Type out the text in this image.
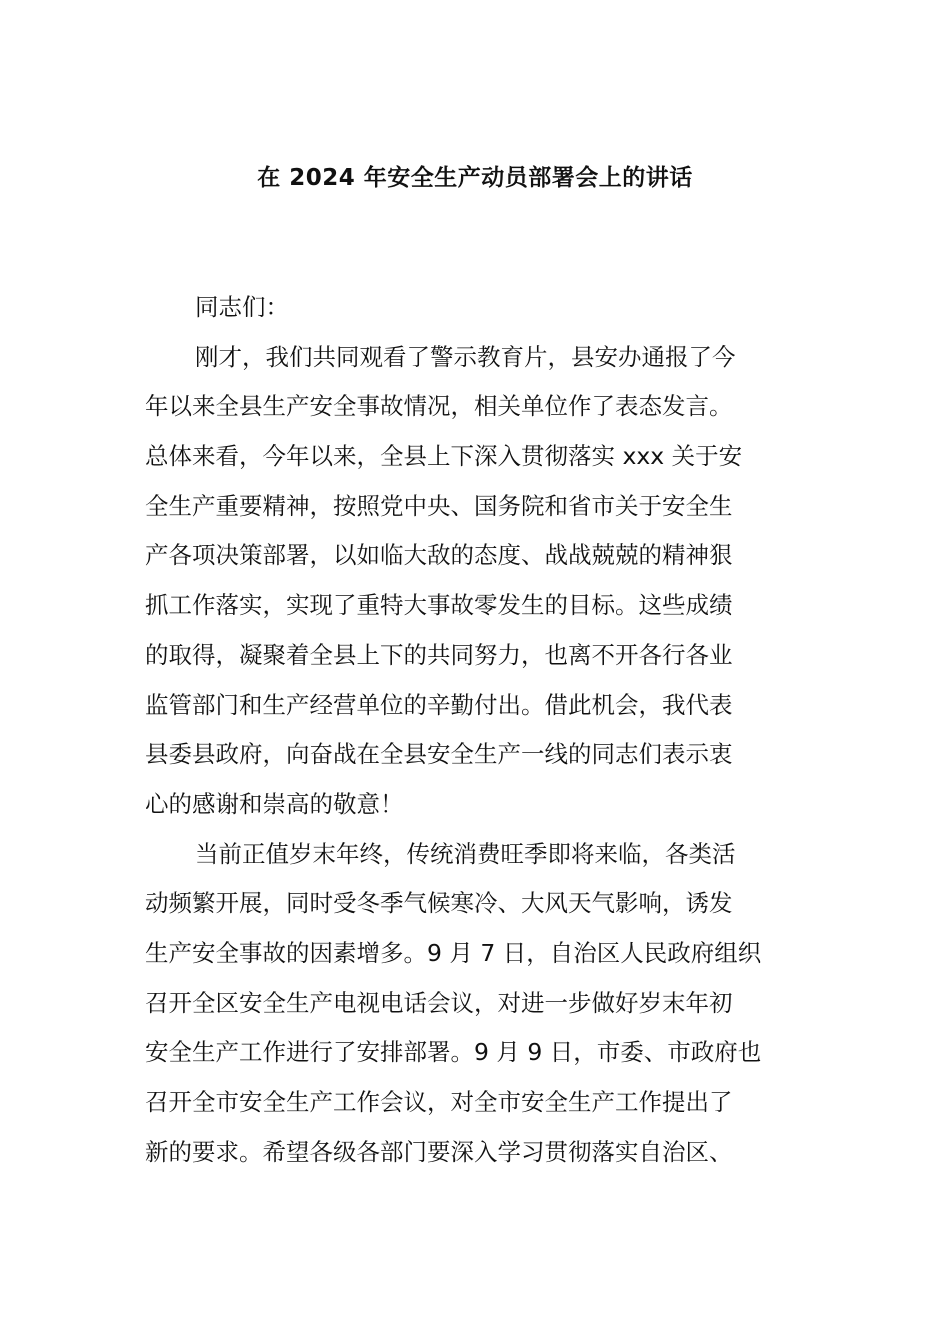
在 2024 年安全生产动员部署会上的讲话
同志们：
刚才，我们共同观看了警示教育片，县安办通报了今
年以来全县生产安全事故情况，相关单位作了表态发言。
总体来看，今年以来，全县上下深入贯彻落实 xxx 关于安
全生产重要精神，按照党中央、国务院和省市关于安全生
产各项决策部署，以如临大敌的态度、战战兢兢的精神狠
抓工作落实，实现了重特大事故零发生的目标。这些成绩
的取得，凝聚着全县上下的共同努力，也离不开各行各业
监管部门和生产经营单位的辛勤付出。借此机会，我代表
县委县政府，向奋战在全县安全生产一线的同志们表示衷
心的感谢和崇高的敬意！
当前正值岁末年终，传统消费旺季即将来临，各类活
动频繁开展，同时受冬季气候寒冷、大风天气影响，诱发
生产安全事故的因素增多。9 月 7 日，自治区人民政府组织
召开全区安全生产电视电话会议，对进一步做好岁末年初
安全生产工作进行了安排部署。9 月 9 日，市委、市政府也
召开全市安全生产工作会议，对全市安全生产工作提出了
新的要求。希望各级各部门要深入学习贯彻落实自治区、
